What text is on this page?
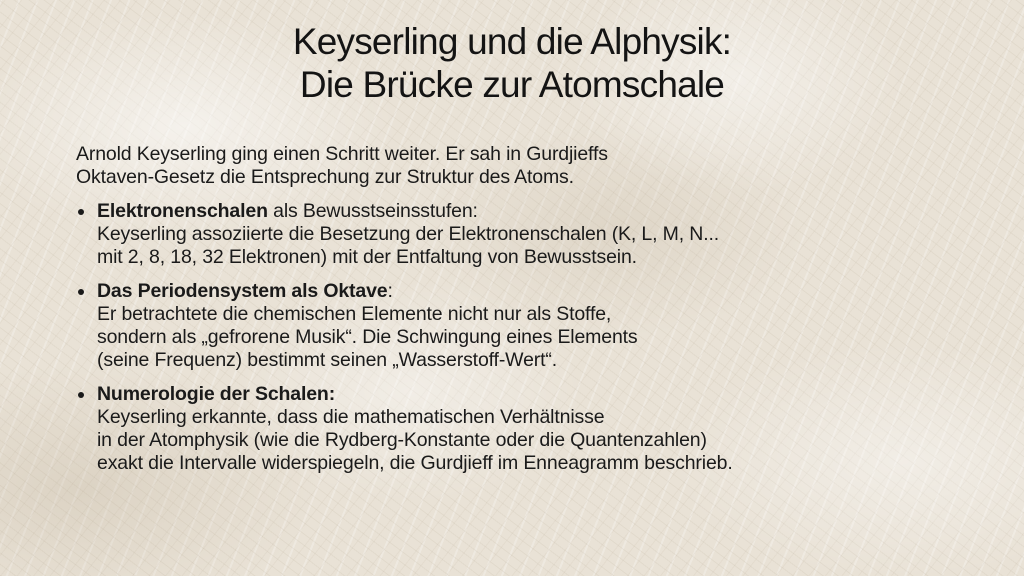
Keyserling und die Alphysik:
Die Brücke zur Atomschale

Arnold Keyserling ging einen Schritt weiter. Er sah in Gurdjieffs
Oktaven-Gesetz die Entsprechung zur Struktur des Atoms.

Elektronenschalen als Bewusstseinsstufen:
Keyserling assoziierte die Besetzung der Elektronenschalen (K, L, M, N...
mit 2, 8, 18, 32 Elektronen) mit der Entfaltung von Bewusstsein.
Das Periodensystem als Oktave:
Er betrachtete die chemischen Elemente nicht nur als Stoffe,
sondern als „gefrorene Musik“. Die Schwingung eines Elements
(seine Frequenz) bestimmt seinen „Wasserstoff-Wert“.
Numerologie der Schalen:
Keyserling erkannte, dass die mathematischen Verhältnisse
in der Atomphysik (wie die Rydberg-Konstante oder die Quantenzahlen)
exakt die Intervalle widerspiegeln, die Gurdjieff im Enneagramm beschrieb.
